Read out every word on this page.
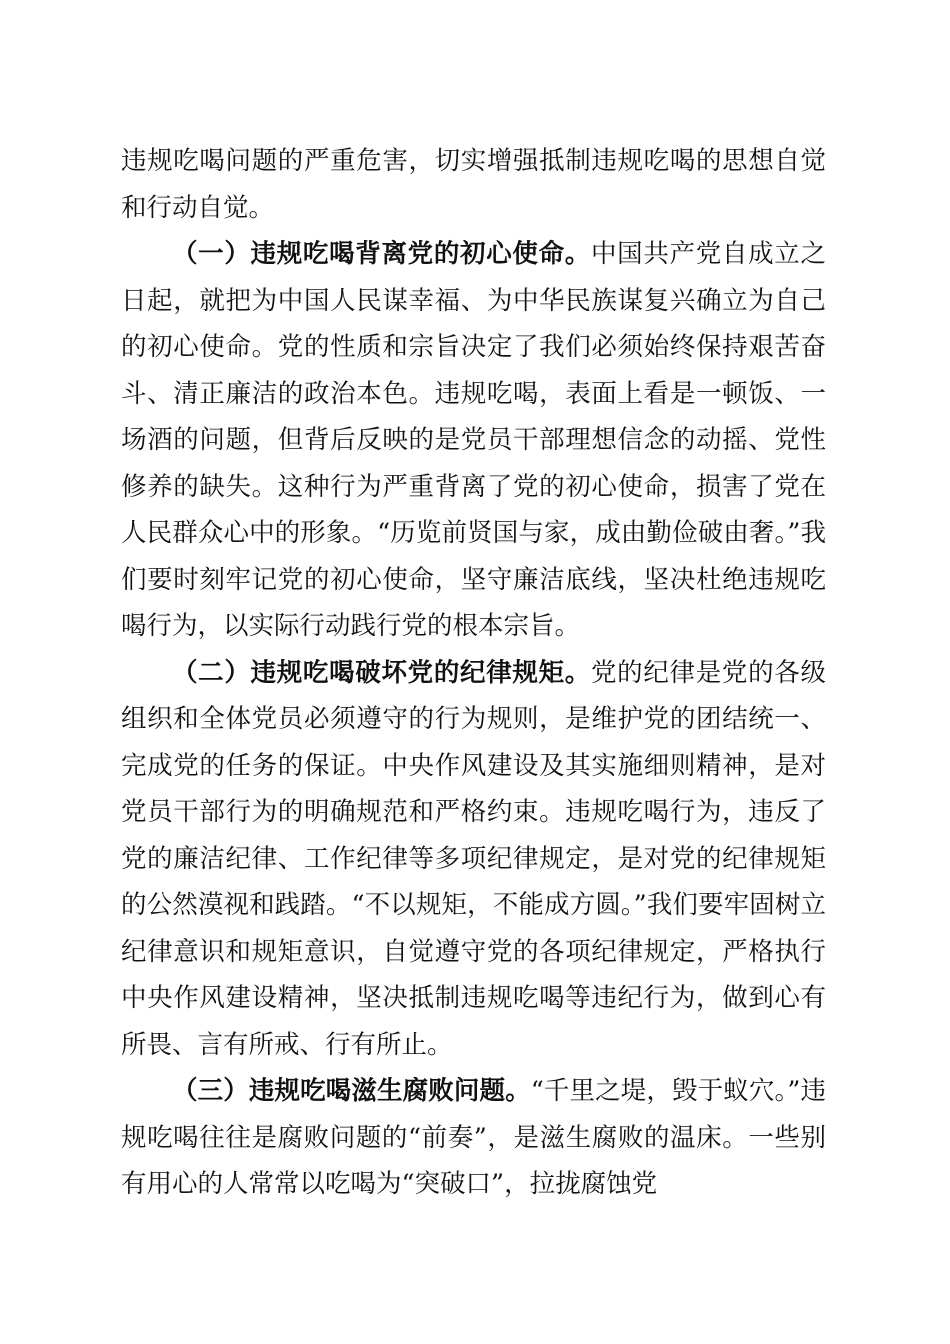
违规吃喝问题的严重危害，切实增强抵制违规吃喝的思想自觉和行动自觉。

（一）违规吃喝背离党的初心使命。中国共产党自成立之日起，就把为中国人民谋幸福、为中华民族谋复兴确立为自己的初心使命。党的性质和宗旨决定了我们必须始终保持艰苦奋斗、清正廉洁的政治本色。违规吃喝，表面上看是一顿饭、一场酒的问题，但背后反映的是党员干部理想信念的动摇、党性修养的缺失。这种行为严重背离了党的初心使命，损害了党在人民群众心中的形象。“历览前贤国与家，成由勤俭破由奢。”我们要时刻牢记党的初心使命，坚守廉洁底线，坚决杜绝违规吃喝行为，以实际行动践行党的根本宗旨。

（二）违规吃喝破坏党的纪律规矩。党的纪律是党的各级组织和全体党员必须遵守的行为规则，是维护党的团结统一、完成党的任务的保证。中央作风建设及其实施细则精神，是对党员干部行为的明确规范和严格约束。违规吃喝行为，违反了党的廉洁纪律、工作纪律等多项纪律规定，是对党的纪律规矩的公然漠视和践踏。“不以规矩，不能成方圆。”我们要牢固树立纪律意识和规矩意识，自觉遵守党的各项纪律规定，严格执行中央作风建设精神，坚决抵制违规吃喝等违纪行为，做到心有所畏、言有所戒、行有所止。

（三）违规吃喝滋生腐败问题。“千里之堤，毁于蚁穴。”违规吃喝往往是腐败问题的“前奏”，是滋生腐败的温床。一些别有用心的人常常以吃喝为“突破口”，拉拢腐蚀党
